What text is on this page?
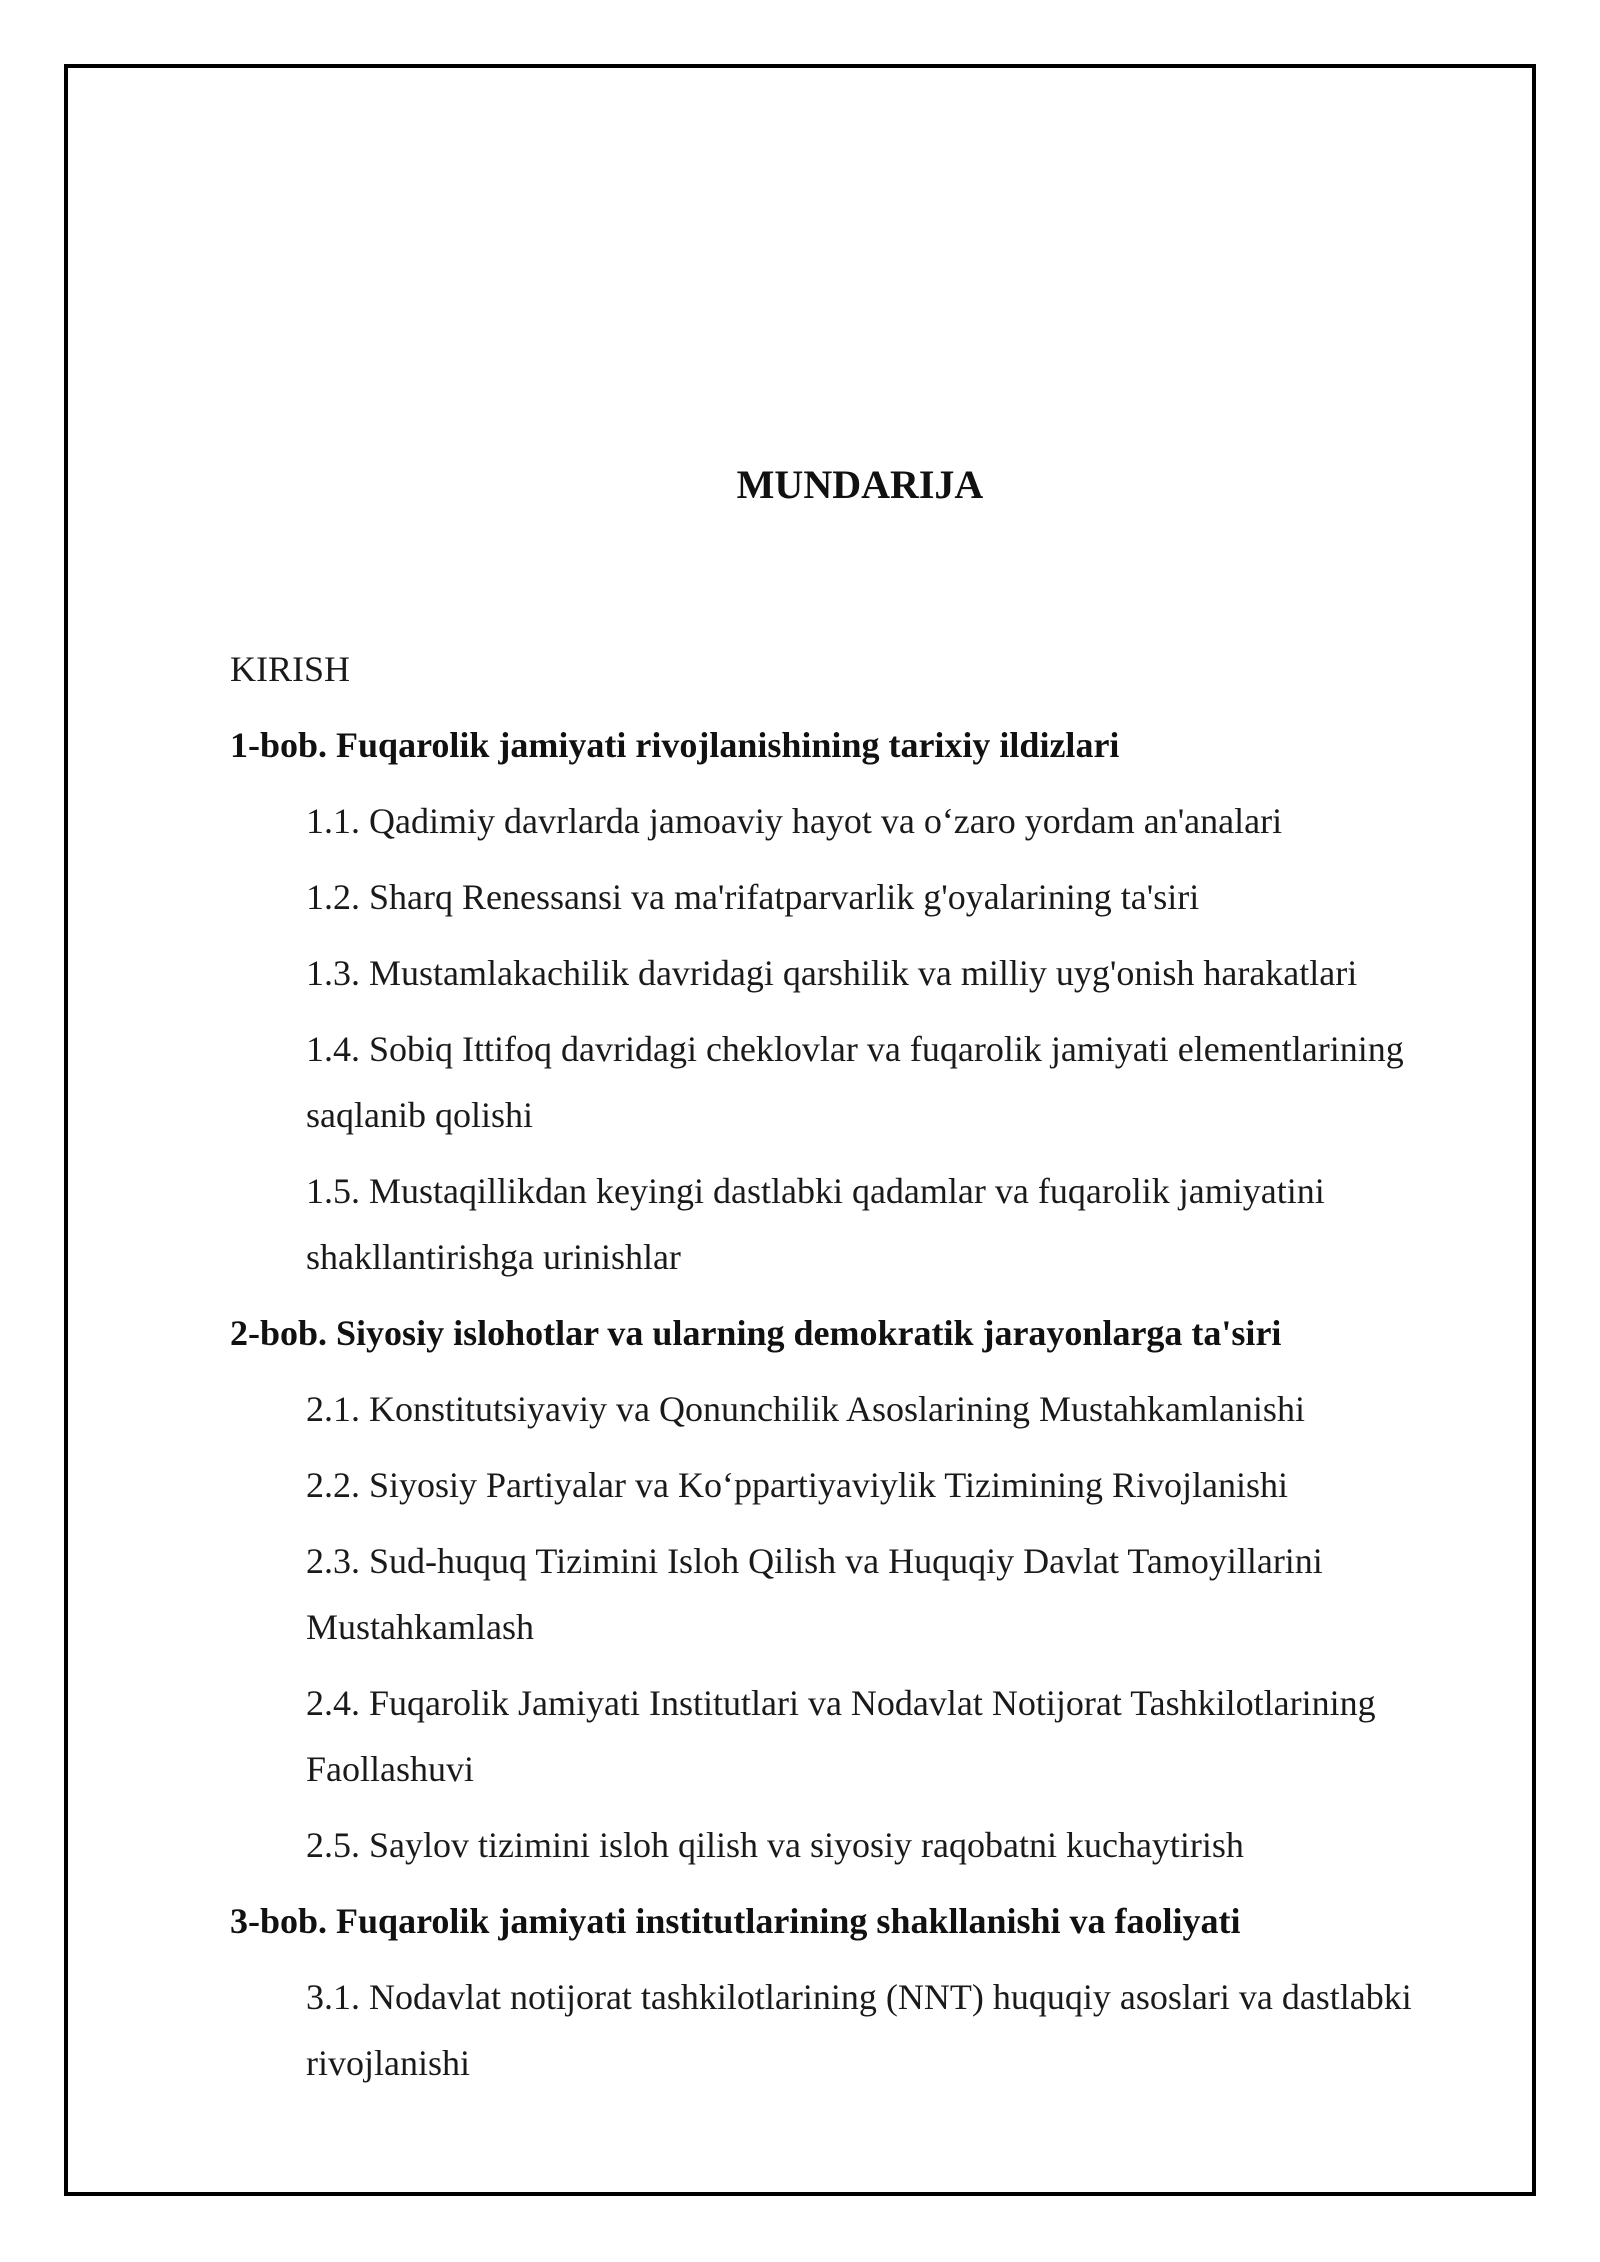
MUNDARIJA
KIRISH
1-bob. Fuqarolik jamiyati rivojlanishining tarixiy ildizlari
1.1. Qadimiy davrlarda jamoaviy hayot va o‘zaro yordam an'analari
1.2. Sharq Renessansi va ma'rifatparvarlik g'oyalarining ta'siri
1.3. Mustamlakachilik davridagi qarshilik va milliy uyg'onish harakatlari
1.4. Sobiq Ittifoq davridagi cheklovlar va fuqarolik jamiyati elementlarining saqlanib qolishi
1.5. Mustaqillikdan keyingi dastlabki qadamlar va fuqarolik jamiyatini shakllantirishga urinishlar
2-bob. Siyosiy islohotlar va ularning demokratik jarayonlarga ta'siri
2.1. Konstitutsiyaviy va Qonunchilik Asoslarining Mustahkamlanishi
2.2. Siyosiy Partiyalar va Ko‘ppartiyaviylik Tizimining Rivojlanishi
2.3. Sud-huquq Tizimini Isloh Qilish va Huquqiy Davlat Tamoyillarini Mustahkamlash
2.4. Fuqarolik Jamiyati Institutlari va Nodavlat Notijorat Tashkilotlarining Faollashuvi
2.5. Saylov tizimini isloh qilish va siyosiy raqobatni kuchaytirish
3-bob. Fuqarolik jamiyati institutlarining shakllanishi va faoliyati
3.1. Nodavlat notijorat tashkilotlarining (NNT) huquqiy asoslari va dastlabki rivojlanishi
